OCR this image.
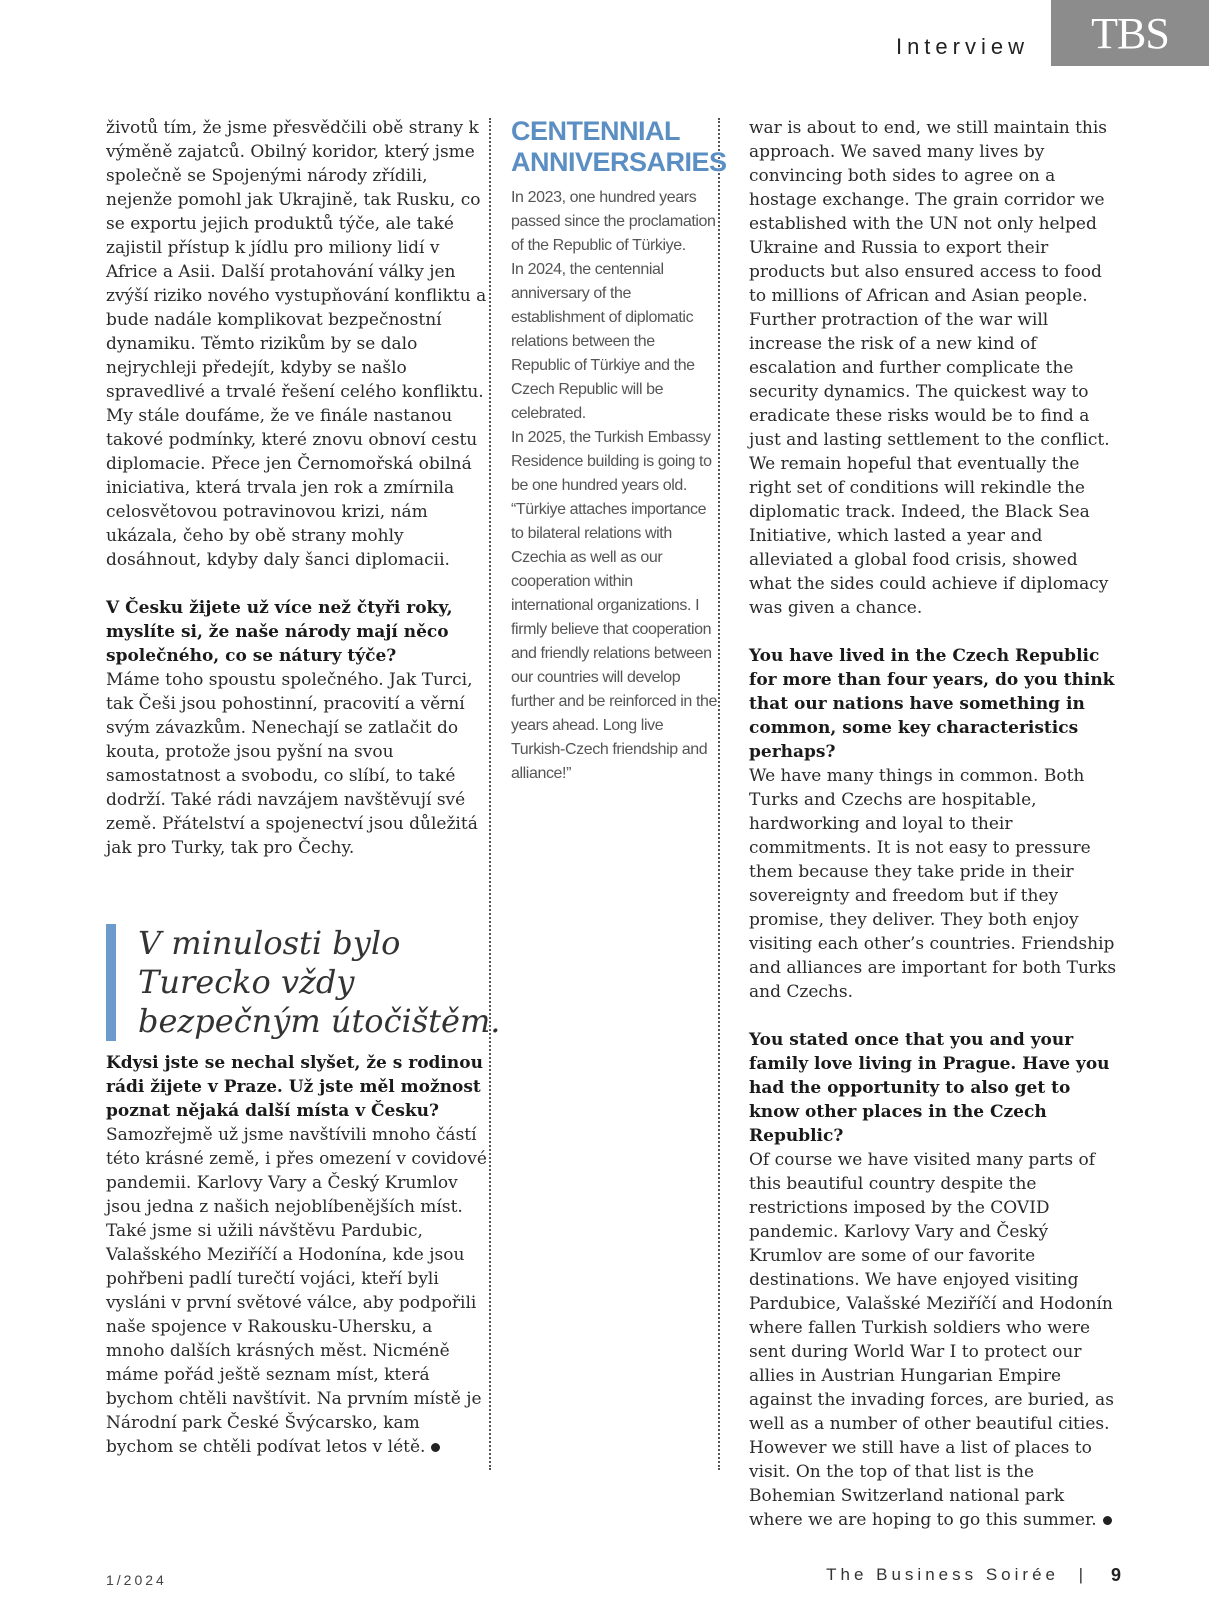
Interview	TBS

životů tím, že jsme přesvědčili obě strany k výměně zajatců. Obilný koridor, který jsme společně se Spojenými národy zřídili, nejenže pomohl jak Ukrajině, tak Rusku, co se exportu jejich produktů týče, ale také zajistil přístup k jídlu pro miliony lidí v Africe a Asii. Další protahování války jen zvýší riziko nového vystupňování konfliktu a bude nadále komplikovat bezpečnostní dynamiku. Těmto rizikům by se dalo nejrychleji předejít, kdyby se našlo spravedlivé a trvalé řešení celého konfliktu. My stále doufáme, že ve finále nastanou takové podmínky, které znovu obnoví cestu diplomacie. Přece jen Černomořská obilná iniciativa, která trvala jen rok a zmírnila celosvětovou potravinovou krizi, nám ukázala, čeho by obě strany mohly dosáhnout, kdyby daly šanci diplomacii.

V Česku žijete už více než čtyři roky, myslíte si, že naše národy mají něco společného, co se nátury týče?
Máme toho spoustu společného. Jak Turci, tak Češi jsou pohostinní, pracovití a věrní svým závazkům. Nenechají se zatlačit do kouta, protože jsou pyšní na svou samostatnost a svobodu, co slíbí, to také dodrží. Také rádi navzájem navštěvují své země. Přátelství a spojenectví jsou důležitá jak pro Turky, tak pro Čechy.

V minulosti bylo Turecko vždy bezpečným útočištěm.

Kdysi jste se nechal slyšet, že s rodinou rádi žijete v Praze. Už jste měl možnost poznat nějaká další místa v Česku?
Samozřejmě už jsme navštívili mnoho částí této krásné země, i přes omezení v covidové pandemii. Karlovy Vary a Český Krumlov jsou jedna z našich nejoblíbenějších míst. Také jsme si užili návštěvu Pardubic, Valašského Meziříčí a Hodonína, kde jsou pohřbeni padlí turečtí vojáci, kteří byli vysláni v první světové válce, aby podpořili naše spojence v Rakousku-Uhersku, a mnoho dalších krásných měst. Nicméně máme pořád ještě seznam míst, která bychom chtěli navštívit. Na prvním místě je Národní park České Švýcarsko, kam bychom se chtěli podívat letos v létě.

CENTENNIAL
ANNIVERSARIES

In 2023, one hundred years passed since the proclamation of the Republic of Türkiye.

In 2024, the centennial anniversary of the establishment of diplomatic relations between the Republic of Türkiye and the Czech Republic will be celebrated.

In 2025, the Turkish Embassy Residence building is going to be one hundred years old.

“Türkiye attaches importance to bilateral relations with Czechia as well as our cooperation within international organizations. I firmly believe that cooperation and friendly relations between our countries will develop further and be reinforced in the years ahead. Long live Turkish-Czech friendship and alliance!”

war is about to end, we still maintain this approach. We saved many lives by convincing both sides to agree on a hostage exchange. The grain corridor we established with the UN not only helped Ukraine and Russia to export their products but also ensured access to food to millions of African and Asian people. Further protraction of the war will increase the risk of a new kind of escalation and further complicate the security dynamics. The quickest way to eradicate these risks would be to find a just and lasting settlement to the conflict. We remain hopeful that eventually the right set of conditions will rekindle the diplomatic track. Indeed, the Black Sea Initiative, which lasted a year and alleviated a global food crisis, showed what the sides could achieve if diplomacy was given a chance.

You have lived in the Czech Republic for more than four years, do you think that our nations have something in common, some key characteristics perhaps?
We have many things in common. Both Turks and Czechs are hospitable, hardworking and loyal to their commitments. It is not easy to pressure them because they take pride in their sovereignty and freedom but if they promise, they deliver. They both enjoy visiting each other’s countries. Friendship and alliances are important for both Turks and Czechs.

You stated once that you and your family love living in Prague. Have you had the opportunity to also get to know other places in the Czech Republic?
Of course we have visited many parts of this beautiful country despite the restrictions imposed by the COVID pandemic. Karlovy Vary and Český Krumlov are some of our favorite destinations. We have enjoyed visiting Pardubice, Valašské Meziříčí and Hodonín where fallen Turkish soldiers who were sent during World War I to protect our allies in Austrian Hungarian Empire against the invading forces, are buried, as well as a number of other beautiful cities. However we still have a list of places to visit. On the top of that list is the Bohemian Switzerland national park where we are hoping to go this summer.

1/2024	The Business Soirée | 9
